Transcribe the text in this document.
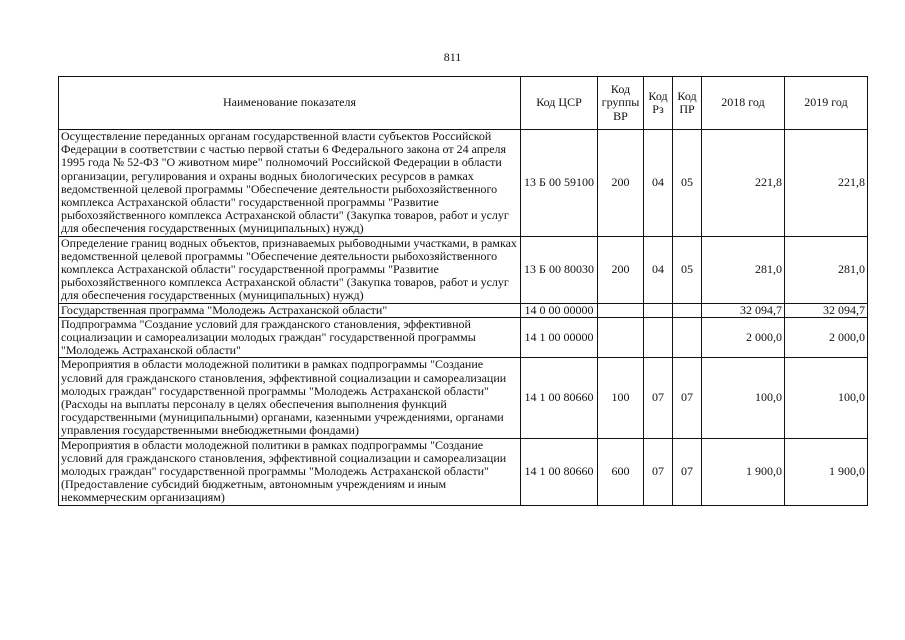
811
Наименование показателя	Код ЦСР	Код группы ВР	Код Рз	Код ПР	2018 год	2019 год
Осуществление переданных органам государственной власти субъектов Российской Федерации в соответствии с частью первой статьи 6 Федерального закона от 24 апреля 1995 года № 52-ФЗ "О животном мире" полномочий Российской Федерации в области организации, регулирования и охраны водных биологических ресурсов в рамках ведомственной целевой программы "Обеспечение деятельности рыбохозяйственного комплекса Астраханской области" государственной программы "Развитие рыбохозяйственного комплекса Астраханской области" (Закупка товаров, работ и услуг для обеспечения государственных (муниципальных) нужд)	13 Б 00 59100	200	04	05	221,8	221,8
Определение границ водных объектов, признаваемых рыбоводными участками, в рамках ведомственной целевой программы "Обеспечение деятельности рыбохозяйственного комплекса Астраханской области" государственной программы "Развитие рыбохозяйственного комплекса Астраханской области" (Закупка товаров, работ и услуг для обеспечения государственных (муниципальных) нужд)	13 Б 00 80030	200	04	05	281,0	281,0
Государственная программа "Молодежь Астраханской области"	14 0 00 00000				32 094,7	32 094,7
Подпрограмма "Создание условий для гражданского становления, эффективной социализации и самореализации молодых граждан" государственной программы "Молодежь Астраханской области"	14 1 00 00000				2 000,0	2 000,0
Мероприятия в области молодежной политики в рамках подпрограммы "Создание условий для гражданского становления, эффективной социализации и самореализации молодых граждан" государственной программы "Молодежь Астраханской области" (Расходы на выплаты персоналу в целях обеспечения выполнения функций государственными (муниципальными) органами, казенными учреждениями, органами управления государственными внебюджетными фондами)	14 1 00 80660	100	07	07	100,0	100,0
Мероприятия в области молодежной политики в рамках подпрограммы "Создание условий для гражданского становления, эффективной социализации и самореализации молодых граждан" государственной программы "Молодежь Астраханской области" (Предоставление субсидий бюджетным, автономным учреждениям и иным некоммерческим организациям)	14 1 00 80660	600	07	07	1 900,0	1 900,0
